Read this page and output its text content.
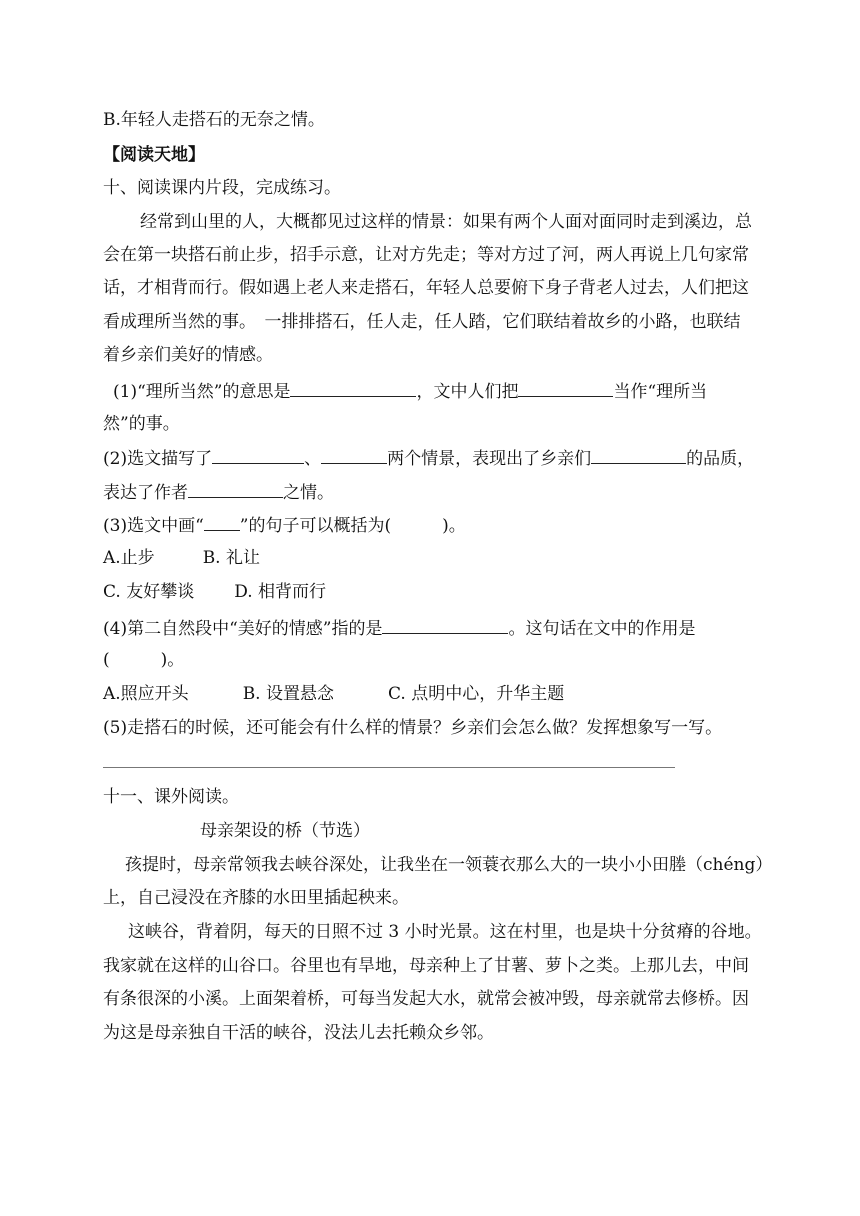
B.年轻人走搭石的无奈之情。
【阅读天地】
十、阅读课内片段，完成练习。
经常到山里的人，大概都见过这样的情景：如果有两个人面对面同时走到溪边，总
会在第一块搭石前止步，招手示意，让对方先走；等对方过了河，两人再说上几句家常
话，才相背而行。假如遇上老人来走搭石，年轻人总要俯下身子背老人过去，人们把这
看成理所当然的事。　一排排搭石，任人走，任人踏，它们联结着故乡的小路，也联结
着乡亲们美好的情感。
(1)“理所当然”的意思是	，文中人们把	当作“理所当
然”的事。
(2)选文描写了	、	两个情景，表现出了乡亲们	的品质，
表达了作者	之情。
(3)选文中画“ ”的句子可以概括为(　　　)。
A.止步	B. 礼让
C. 友好攀谈 D. 相背而行
(4)第二自然段中“美好的情感”指的是	。这句话在文中的作用是
(　　　)。
A.照应开头	B. 设置悬念	C. 点明中心，升华主题
(5)走搭石的时候，还可能会有什么样的情景？乡亲们会怎么做？发挥想象写一写。
十一、课外阅读。
母亲架设的桥（节选）
孩提时，母亲常领我去峡谷深处，让我坐在一领蓑衣那么大的一块小小田塍（chéng）
上，自己浸没在齐膝的水田里插起秧来。
这峡谷，背着阴，每天的日照不过 3 小时光景。这在村里，也是块十分贫瘠的谷地。
我家就在这样的山谷口。谷里也有旱地，母亲种上了甘薯、萝卜之类。上那儿去，中间
有条很深的小溪。上面架着桥，可每当发起大水，就常会被冲毁，母亲就常去修桥。因
为这是母亲独自干活的峡谷，没法儿去托赖众乡邻。
